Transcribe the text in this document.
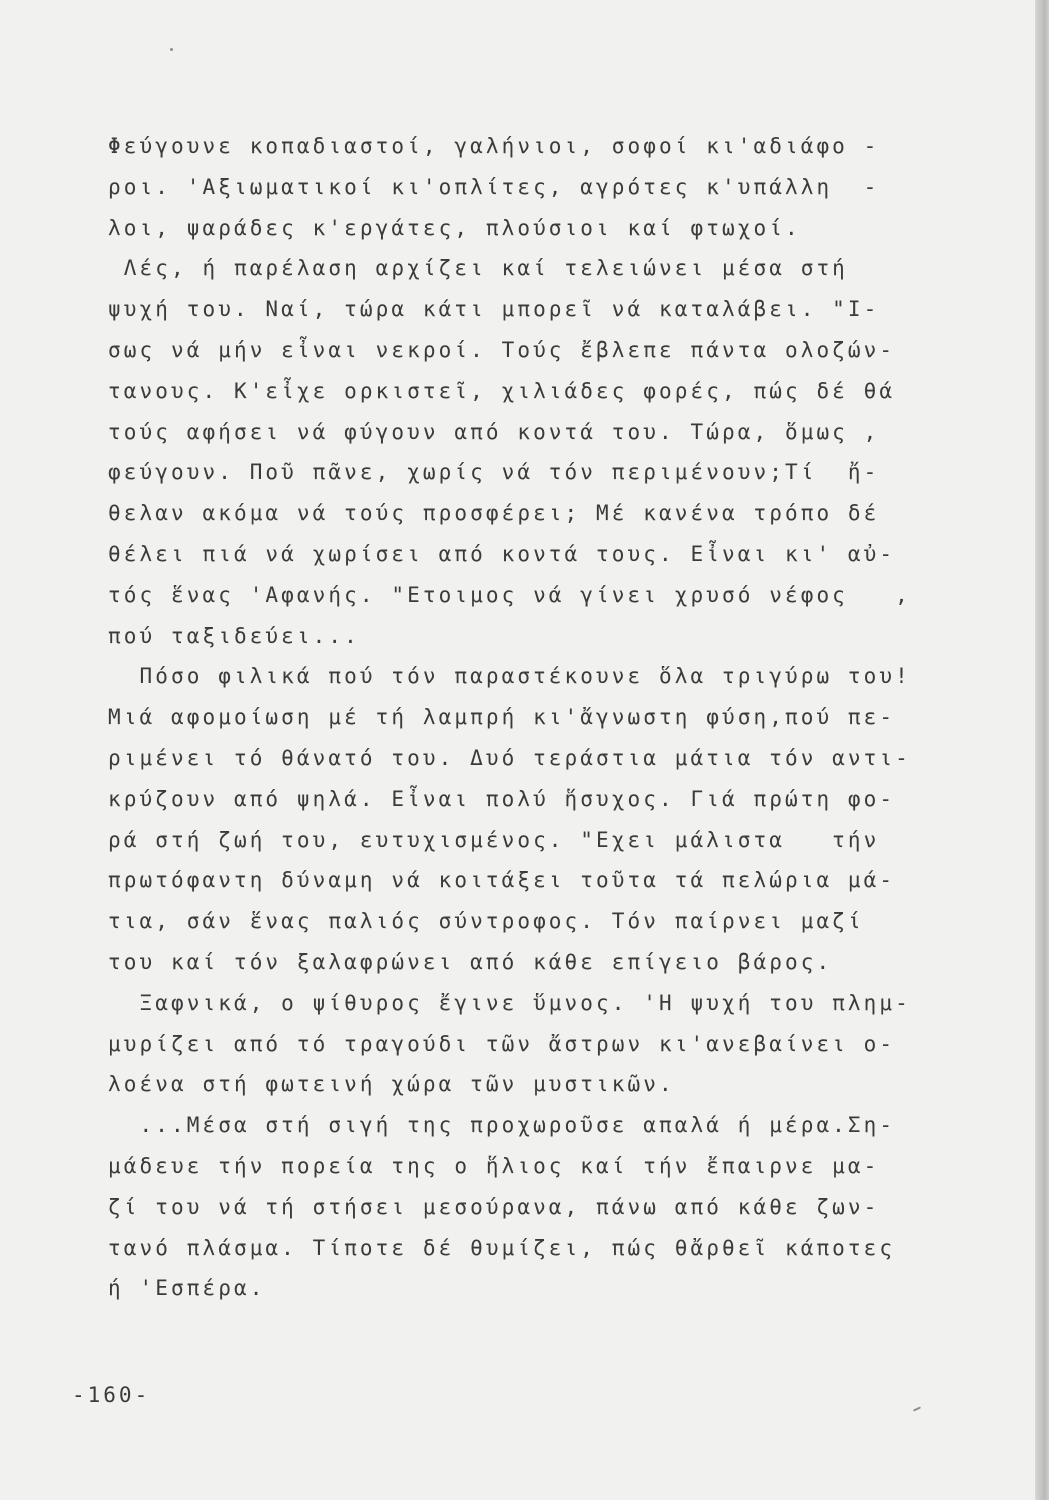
Φεύγουνε κοπαδιαστοί, γαλήνιοι, σοφοί κι'αδιάφο -
ροι. 'Αξιωματικοί κι'οπλίτες, αγρότες κ'υπάλλη  -
λοι, ψαράδες κ'εργάτες, πλούσιοι καί φτωχοί.
Λές, ή παρέλαση αρχίζει καί τελειώνει μέσα στή
ψυχή του. Ναί, τώρα κάτι μπορεῖ νά καταλάβει. "Ι-
σως νά μήν εἶναι νεκροί. Τούς ἔβλεπε πάντα ολοζών-
τανους. Κ'εἶχε ορκιστεῖ, χιλιάδες φορές, πώς δέ θά
τούς αφήσει νά φύγουν από κοντά του. Τώρα, ὅμως ,
φεύγουν. Ποῦ πᾶνε, χωρίς νά τόν περιμένουν;Τί  ἤ-
θελαν ακόμα νά τούς προσφέρει; Μέ κανένα τρόπο δέ
θέλει πιά νά χωρίσει από κοντά τους. Εἶναι κι' αὐ-
τός ἕνας 'Αφανής. "Ετοιμος νά γίνει χρυσό νέφος   ,
πού ταξιδεύει...
Πόσο φιλικά πού τόν παραστέκουνε ὅλα τριγύρω του!
Μιά αφομοίωση μέ τή λαμπρή κι'ἄγνωστη φύση,πού πε-
ριμένει τό θάνατό του. Δυό τεράστια μάτια τόν αντι-
κρύζουν από ψηλά. Εἶναι πολύ ἥσυχος. Γιά πρώτη φο-
ρά στή ζωή του, ευτυχισμένος. "Εχει μάλιστα   τήν
πρωτόφαντη δύναμη νά κοιτάξει τοῦτα τά πελώρια μά-
τια, σάν ἕνας παλιός σύντροφος. Τόν παίρνει μαζί
του καί τόν ξαλαφρώνει από κάθε επίγειο βάρος.
Ξαφνικά, ο ψίθυρος ἔγινε ὕμνος. 'Η ψυχή του πλημ-
μυρίζει από τό τραγούδι τῶν ἄστρων κι'ανεβαίνει ο-
λοένα στή φωτεινή χώρα τῶν μυστικῶν.
...Μέσα στή σιγή της προχωροῦσε απαλά ή μέρα.Ση-
μάδευε τήν πορεία της ο ἥλιος καί τήν ἔπαιρνε μα-
ζί του νά τή στήσει μεσούρανα, πάνω από κάθε ζων-
τανό πλάσμα. Τίποτε δέ θυμίζει, πώς θἄρθεῖ κάποτες
ή 'Εσπέρα.
-160-
